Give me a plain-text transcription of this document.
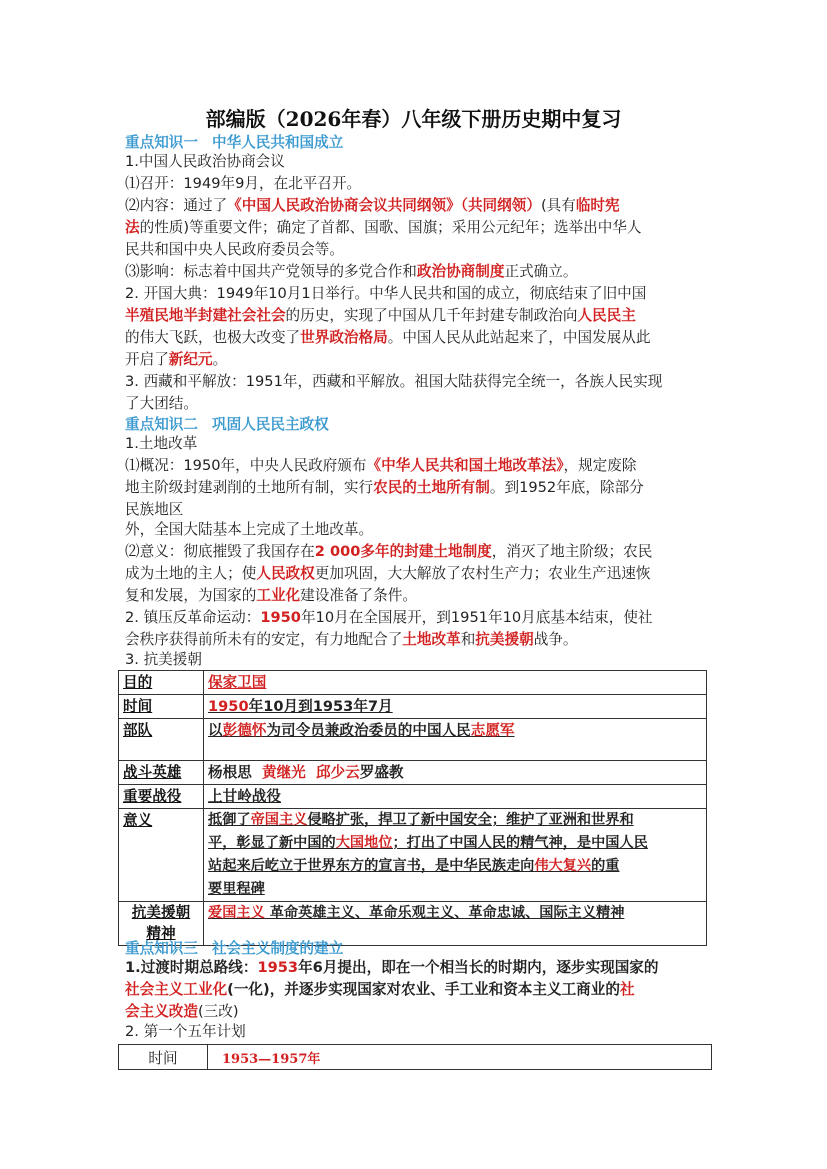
部编版（2026年春）八年级下册历史期中复习
重点知识一 中华人民共和国成立
1.中国人民政治协商会议
⑴召开：1949年9月，在北平召开。
⑵内容：通过了《中国人民政治协商会议共同纲领》（共同纲领）(具有临时宪
法的性质)等重要文件；确定了首都、国歌、国旗；采用公元纪年；选举出中华人
民共和国中央人民政府委员会等。
⑶影响：标志着中国共产党领导的多党合作和政治协商制度正式确立。
2. 开国大典：1949年10月1日举行。中华人民共和国的成立，彻底结束了旧中国
半殖民地半封建社会社会的历史，实现了中国从几千年封建专制政治向人民民主
的伟大飞跃，也极大改变了世界政治格局。中国人民从此站起来了，中国发展从此
开启了新纪元。
3. 西藏和平解放：1951年，西藏和平解放。祖国大陆获得完全统一，各族人民实现
了大团结。
重点知识二 巩固人民民主政权
1.土地改革
⑴概况：1950年，中央人民政府颁布《中华人民共和国土地改革法》，规定废除
地主阶级封建剥削的土地所有制，实行农民的土地所有制。到1952年底，除部分
民族地区
外，全国大陆基本上完成了土地改革。
⑵意义：彻底摧毁了我国存在2 000多年的封建土地制度，消灭了地主阶级；农民
成为土地的主人；使人民政权更加巩固，大大解放了农村生产力；农业生产迅速恢
复和发展，为国家的工业化建设准备了条件。
2. 镇压反革命运动：1950年10月在全国展开，到1951年10月底基本结束，使社
会秩序获得前所未有的安定，有力地配合了土地改革和抗美援朝战争。
3. 抗美援朝
目的	保家卫国
时间	1950年10月到1953年7月
部队	以彭德怀为司令员兼政治委员的中国人民志愿军
战斗英雄	杨根思 黄继光 邱少云罗盛教
重要战役	上甘岭战役
意义	抵御了帝国主义侵略扩张，捍卫了新中国安全；维护了亚洲和世界和
平，彰显了新中国的大国地位；打出了中国人民的精气神，是中国人民
站起来后屹立于世界东方的宣言书，是中华民族走向伟大复兴的重
要里程碑
抗美援朝
精神	爱国主义 革命英雄主义、革命乐观主义、革命忠诚、国际主义精神
重点知识三 社会主义制度的建立
1.过渡时期总路线：1953年6月提出，即在一个相当长的时期内，逐步实现国家的
社会主义工业化(一化)，并逐步实现国家对农业、手工业和资本主义工商业的社
会主义改造(三改)
2. 第一个五年计划
时间	1953—1957年
